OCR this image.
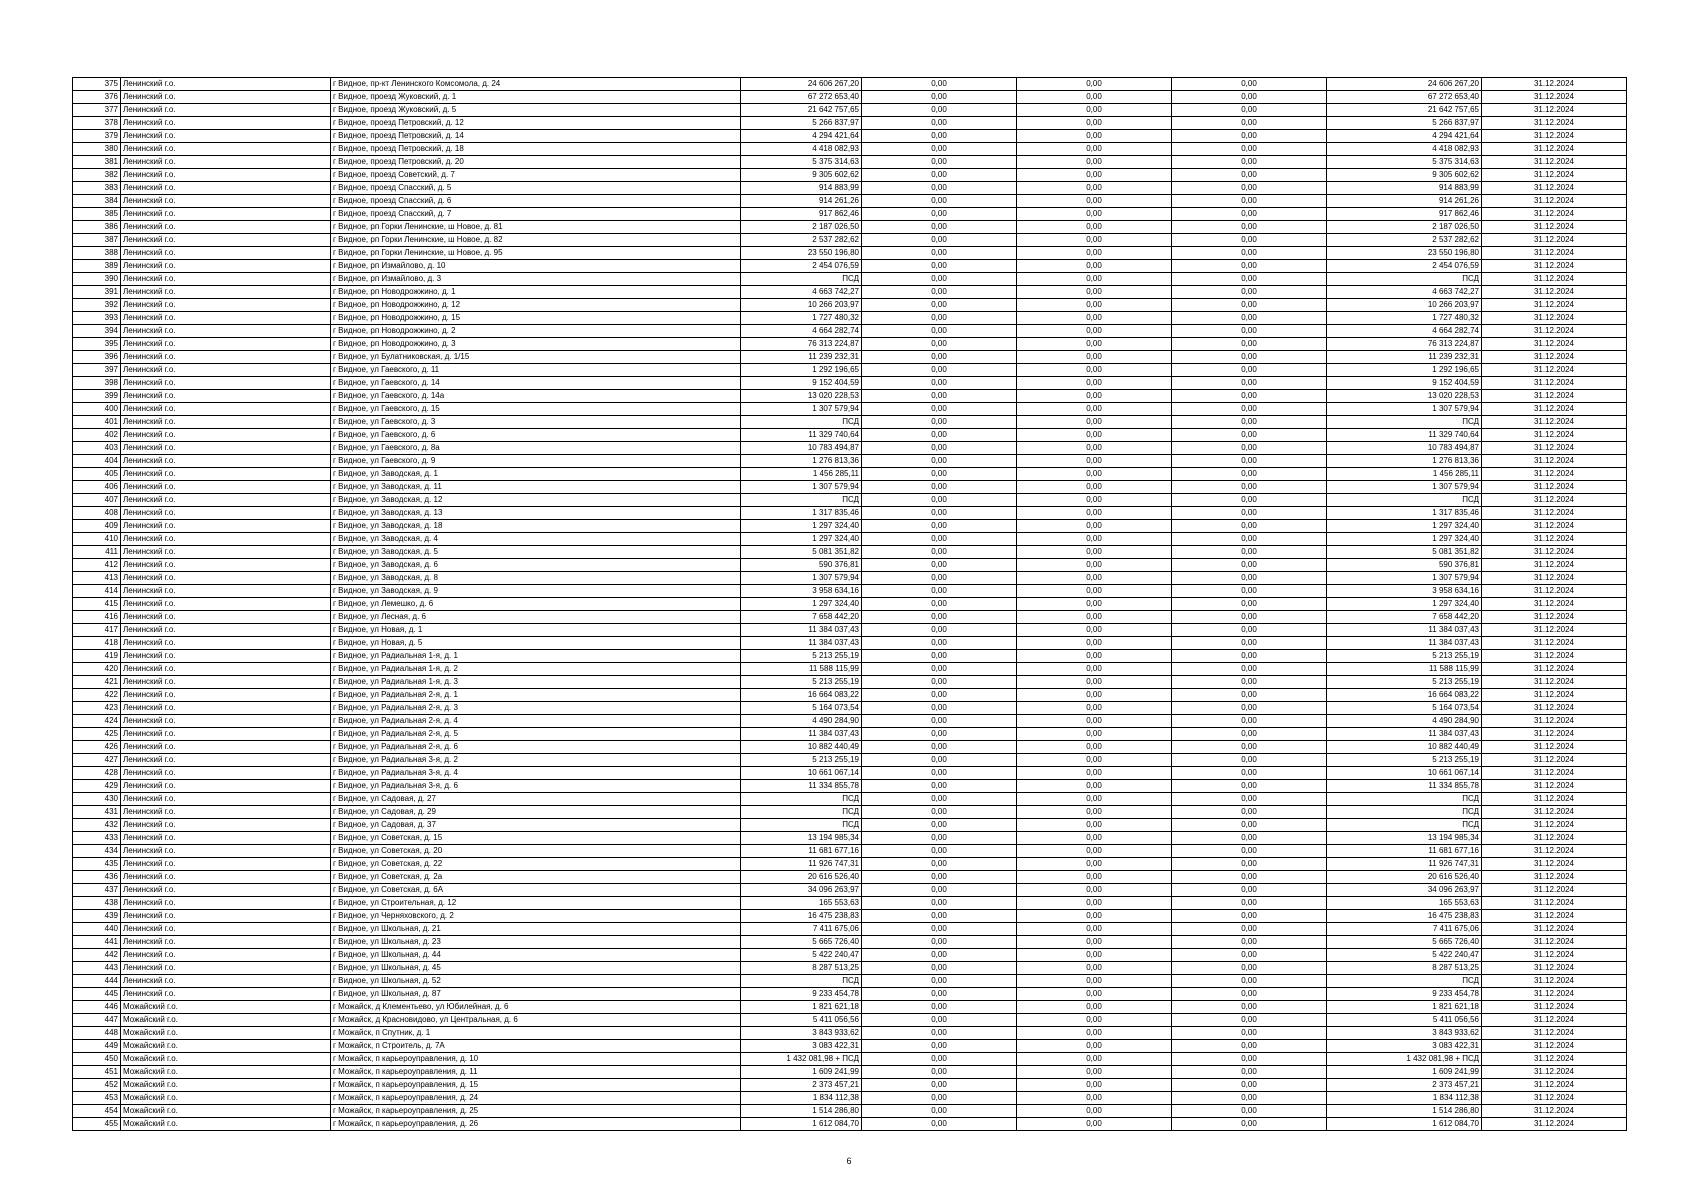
375	Ленинский г.о.	г Видное, пр-кт Ленинского Комсомола, д. 24	24 606 267,20	0,00	0,00	0,00	24 606 267,20	31.12.2024
376	Ленинский г.о.	г Видное, проезд Жуковский, д. 1	67 272 653,40	0,00	0,00	0,00	67 272 653,40	31.12.2024
377	Ленинский г.о.	г Видное, проезд Жуковский, д. 5	21 642 757,65	0,00	0,00	0,00	21 642 757,65	31.12.2024
378	Ленинский г.о.	г Видное, проезд Петровский, д. 12	5 266 837,97	0,00	0,00	0,00	5 266 837,97	31.12.2024
379	Ленинский г.о.	г Видное, проезд Петровский, д. 14	4 294 421,64	0,00	0,00	0,00	4 294 421,64	31.12.2024
380	Ленинский г.о.	г Видное, проезд Петровский, д. 18	4 418 082,93	0,00	0,00	0,00	4 418 082,93	31.12.2024
381	Ленинский г.о.	г Видное, проезд Петровский, д. 20	5 375 314,63	0,00	0,00	0,00	5 375 314,63	31.12.2024
382	Ленинский г.о.	г Видное, проезд Советский, д. 7	9 305 602,62	0,00	0,00	0,00	9 305 602,62	31.12.2024
383	Ленинский г.о.	г Видное, проезд Спасский, д. 5	914 883,99	0,00	0,00	0,00	914 883,99	31.12.2024
384	Ленинский г.о.	г Видное, проезд Спасский, д. 6	914 261,26	0,00	0,00	0,00	914 261,26	31.12.2024
385	Ленинский г.о.	г Видное, проезд Спасский, д. 7	917 862,46	0,00	0,00	0,00	917 862,46	31.12.2024
386	Ленинский г.о.	г Видное, рп Горки Ленинские, ш Новое, д. 81	2 187 026,50	0,00	0,00	0,00	2 187 026,50	31.12.2024
387	Ленинский г.о.	г Видное, рп Горки Ленинские, ш Новое, д. 82	2 537 282,62	0,00	0,00	0,00	2 537 282,62	31.12.2024
388	Ленинский г.о.	г Видное, рп Горки Ленинские, ш Новое, д. 95	23 550 196,80	0,00	0,00	0,00	23 550 196,80	31.12.2024
389	Ленинский г.о.	г Видное, рп Измайлово, д. 10	2 454 076,59	0,00	0,00	0,00	2 454 076,59	31.12.2024
390	Ленинский г.о.	г Видное, рп Измайлово, д. 3	ПСД	0,00	0,00	0,00	ПСД	31.12.2024
391	Ленинский г.о.	г Видное, рп Новодрожжино, д. 1	4 663 742,27	0,00	0,00	0,00	4 663 742,27	31.12.2024
392	Ленинский г.о.	г Видное, рп Новодрожжино, д. 12	10 266 203,97	0,00	0,00	0,00	10 266 203,97	31.12.2024
393	Ленинский г.о.	г Видное, рп Новодрожжино, д. 15	1 727 480,32	0,00	0,00	0,00	1 727 480,32	31.12.2024
394	Ленинский г.о.	г Видное, рп Новодрожжино, д. 2	4 664 282,74	0,00	0,00	0,00	4 664 282,74	31.12.2024
395	Ленинский г.о.	г Видное, рп Новодрожжино, д. 3	76 313 224,87	0,00	0,00	0,00	76 313 224,87	31.12.2024
396	Ленинский г.о.	г Видное, ул Булатниковская, д. 1/15	11 239 232,31	0,00	0,00	0,00	11 239 232,31	31.12.2024
397	Ленинский г.о.	г Видное, ул Гаевского, д. 11	1 292 196,65	0,00	0,00	0,00	1 292 196,65	31.12.2024
398	Ленинский г.о.	г Видное, ул Гаевского, д. 14	9 152 404,59	0,00	0,00	0,00	9 152 404,59	31.12.2024
399	Ленинский г.о.	г Видное, ул Гаевского, д. 14а	13 020 228,53	0,00	0,00	0,00	13 020 228,53	31.12.2024
400	Ленинский г.о.	г Видное, ул Гаевского, д. 15	1 307 579,94	0,00	0,00	0,00	1 307 579,94	31.12.2024
401	Ленинский г.о.	г Видное, ул Гаевского, д. 3	ПСД	0,00	0,00	0,00	ПСД	31.12.2024
402	Ленинский г.о.	г Видное, ул Гаевского, д. 6	11 329 740,64	0,00	0,00	0,00	11 329 740,64	31.12.2024
403	Ленинский г.о.	г Видное, ул Гаевского, д. 8а	10 783 494,87	0,00	0,00	0,00	10 783 494,87	31.12.2024
404	Ленинский г.о.	г Видное, ул Гаевского, д. 9	1 276 813,36	0,00	0,00	0,00	1 276 813,36	31.12.2024
405	Ленинский г.о.	г Видное, ул Заводская, д. 1	1 456 285,11	0,00	0,00	0,00	1 456 285,11	31.12.2024
406	Ленинский г.о.	г Видное, ул Заводская, д. 11	1 307 579,94	0,00	0,00	0,00	1 307 579,94	31.12.2024
407	Ленинский г.о.	г Видное, ул Заводская, д. 12	ПСД	0,00	0,00	0,00	ПСД	31.12.2024
408	Ленинский г.о.	г Видное, ул Заводская, д. 13	1 317 835,46	0,00	0,00	0,00	1 317 835,46	31.12.2024
409	Ленинский г.о.	г Видное, ул Заводская, д. 18	1 297 324,40	0,00	0,00	0,00	1 297 324,40	31.12.2024
410	Ленинский г.о.	г Видное, ул Заводская, д. 4	1 297 324,40	0,00	0,00	0,00	1 297 324,40	31.12.2024
411	Ленинский г.о.	г Видное, ул Заводская, д. 5	5 081 351,82	0,00	0,00	0,00	5 081 351,82	31.12.2024
412	Ленинский г.о.	г Видное, ул Заводская, д. 6	590 376,81	0,00	0,00	0,00	590 376,81	31.12.2024
413	Ленинский г.о.	г Видное, ул Заводская, д. 8	1 307 579,94	0,00	0,00	0,00	1 307 579,94	31.12.2024
414	Ленинский г.о.	г Видное, ул Заводская, д. 9	3 958 634,16	0,00	0,00	0,00	3 958 634,16	31.12.2024
415	Ленинский г.о.	г Видное, ул Лемешко, д. 6	1 297 324,40	0,00	0,00	0,00	1 297 324,40	31.12.2024
416	Ленинский г.о.	г Видное, ул Лесная, д. 6	7 658 442,20	0,00	0,00	0,00	7 658 442,20	31.12.2024
417	Ленинский г.о.	г Видное, ул Новая, д. 1	11 384 037,43	0,00	0,00	0,00	11 384 037,43	31.12.2024
418	Ленинский г.о.	г Видное, ул Новая, д. 5	11 384 037,43	0,00	0,00	0,00	11 384 037,43	31.12.2024
419	Ленинский г.о.	г Видное, ул Радиальная 1-я, д. 1	5 213 255,19	0,00	0,00	0,00	5 213 255,19	31.12.2024
420	Ленинский г.о.	г Видное, ул Радиальная 1-я, д. 2	11 588 115,99	0,00	0,00	0,00	11 588 115,99	31.12.2024
421	Ленинский г.о.	г Видное, ул Радиальная 1-я, д. 3	5 213 255,19	0,00	0,00	0,00	5 213 255,19	31.12.2024
422	Ленинский г.о.	г Видное, ул Радиальная 2-я, д. 1	16 664 083,22	0,00	0,00	0,00	16 664 083,22	31.12.2024
423	Ленинский г.о.	г Видное, ул Радиальная 2-я, д. 3	5 164 073,54	0,00	0,00	0,00	5 164 073,54	31.12.2024
424	Ленинский г.о.	г Видное, ул Радиальная 2-я, д. 4	4 490 284,90	0,00	0,00	0,00	4 490 284,90	31.12.2024
425	Ленинский г.о.	г Видное, ул Радиальная 2-я, д. 5	11 384 037,43	0,00	0,00	0,00	11 384 037,43	31.12.2024
426	Ленинский г.о.	г Видное, ул Радиальная 2-я, д. 6	10 882 440,49	0,00	0,00	0,00	10 882 440,49	31.12.2024
427	Ленинский г.о.	г Видное, ул Радиальная 3-я, д. 2	5 213 255,19	0,00	0,00	0,00	5 213 255,19	31.12.2024
428	Ленинский г.о.	г Видное, ул Радиальная 3-я, д. 4	10 661 067,14	0,00	0,00	0,00	10 661 067,14	31.12.2024
429	Ленинский г.о.	г Видное, ул Радиальная 3-я, д. 6	11 334 855,78	0,00	0,00	0,00	11 334 855,78	31.12.2024
430	Ленинский г.о.	г Видное, ул Садовая, д. 27	ПСД	0,00	0,00	0,00	ПСД	31.12.2024
431	Ленинский г.о.	г Видное, ул Садовая, д. 29	ПСД	0,00	0,00	0,00	ПСД	31.12.2024
432	Ленинский г.о.	г Видное, ул Садовая, д. 37	ПСД	0,00	0,00	0,00	ПСД	31.12.2024
433	Ленинский г.о.	г Видное, ул Советская, д. 15	13 194 985,34	0,00	0,00	0,00	13 194 985,34	31.12.2024
434	Ленинский г.о.	г Видное, ул Советская, д. 20	11 681 677,16	0,00	0,00	0,00	11 681 677,16	31.12.2024
435	Ленинский г.о.	г Видное, ул Советская, д. 22	11 926 747,31	0,00	0,00	0,00	11 926 747,31	31.12.2024
436	Ленинский г.о.	г Видное, ул Советская, д. 2а	20 616 526,40	0,00	0,00	0,00	20 616 526,40	31.12.2024
437	Ленинский г.о.	г Видное, ул Советская, д. 6А	34 096 263,97	0,00	0,00	0,00	34 096 263,97	31.12.2024
438	Ленинский г.о.	г Видное, ул Строительная, д. 12	165 553,63	0,00	0,00	0,00	165 553,63	31.12.2024
439	Ленинский г.о.	г Видное, ул Черняховского, д. 2	16 475 238,83	0,00	0,00	0,00	16 475 238,83	31.12.2024
440	Ленинский г.о.	г Видное, ул Школьная, д. 21	7 411 675,06	0,00	0,00	0,00	7 411 675,06	31.12.2024
441	Ленинский г.о.	г Видное, ул Школьная, д. 23	5 665 726,40	0,00	0,00	0,00	5 665 726,40	31.12.2024
442	Ленинский г.о.	г Видное, ул Школьная, д. 44	5 422 240,47	0,00	0,00	0,00	5 422 240,47	31.12.2024
443	Ленинский г.о.	г Видное, ул Школьная, д. 45	8 287 513,25	0,00	0,00	0,00	8 287 513,25	31.12.2024
444	Ленинский г.о.	г Видное, ул Школьная, д. 52	ПСД	0,00	0,00	0,00	ПСД	31.12.2024
445	Ленинский г.о.	г Видное, ул Школьная, д. 87	9 233 454,78	0,00	0,00	0,00	9 233 454,78	31.12.2024
446	Можайский г.о.	г Можайск, д Клементьево, ул Юбилейная, д. 6	1 821 621,18	0,00	0,00	0,00	1 821 621,18	31.12.2024
447	Можайский г.о.	г Можайск, д Красновидово, ул Центральная, д. 6	5 411 056,56	0,00	0,00	0,00	5 411 056,56	31.12.2024
448	Можайский г.о.	г Можайск, п Спутник, д. 1	3 843 933,62	0,00	0,00	0,00	3 843 933,62	31.12.2024
449	Можайский г.о.	г Можайск, п Строитель, д. 7А	3 083 422,31	0,00	0,00	0,00	3 083 422,31	31.12.2024
450	Можайский г.о.	г Можайск, п карьероуправления, д. 10	1 432 081,98 + ПСД	0,00	0,00	0,00	1 432 081,98 + ПСД	31.12.2024
451	Можайский г.о.	г Можайск, п карьероуправления, д. 11	1 609 241,99	0,00	0,00	0,00	1 609 241,99	31.12.2024
452	Можайский г.о.	г Можайск, п карьероуправления, д. 15	2 373 457,21	0,00	0,00	0,00	2 373 457,21	31.12.2024
453	Можайский г.о.	г Можайск, п карьероуправления, д. 24	1 834 112,38	0,00	0,00	0,00	1 834 112,38	31.12.2024
454	Можайский г.о.	г Можайск, п карьероуправления, д. 25	1 514 286,80	0,00	0,00	0,00	1 514 286,80	31.12.2024
455	Можайский г.о.	г Можайск, п карьероуправления, д. 26	1 612 084,70	0,00	0,00	0,00	1 612 084,70	31.12.2024
6
